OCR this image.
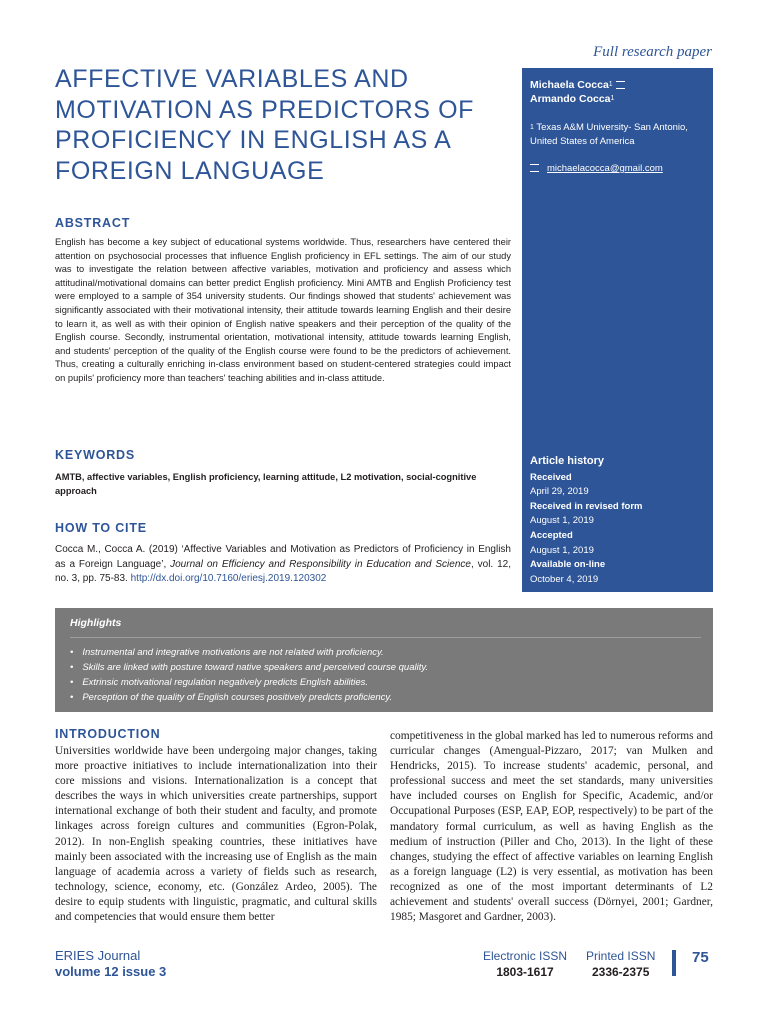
Full research paper
AFFECTIVE VARIABLES AND MOTIVATION AS PREDICTORS OF PROFICIENCY IN ENGLISH AS A FOREIGN LANGUAGE
Michaela Cocca$^1$
Armando Cocca$^1$
$^1$ Texas A&M University- San Antonio, United States of America
michaelacocca@gmail.com
Article history
Received
April 29, 2019
Received in revised form
August 1, 2019
Accepted
August 1, 2019
Available on-line
October 4, 2019
ABSTRACT
English has become a key subject of educational systems worldwide. Thus, researchers have centered their attention on psychosocial processes that influence English proficiency in EFL settings. The aim of our study was to investigate the relation between affective variables, motivation and proficiency and assess which attitudinal/motivational domains can better predict English proficiency. Mini AMTB and English Proficiency test were employed to a sample of 354 university students. Our findings showed that students' achievement was significantly associated with their motivational intensity, their attitude towards learning English and their desire to learn it, as well as with their opinion of English native speakers and their perception of the quality of the English course. Secondly, instrumental orientation, motivational intensity, attitude towards learning English, and students' perception of the quality of the English course were found to be the predictors of achievement. Thus, creating a culturally enriching in-class environment based on student-centered strategies could impact on pupils' proficiency more than teachers' teaching abilities and in-class attitude.
KEYWORDS
AMTB, affective variables, English proficiency, learning attitude, L2 motivation, social-cognitive approach
HOW TO CITE
Cocca M., Cocca A. (2019) ‘Affective Variables and Motivation as Predictors of Proficiency in English as a Foreign Language’, Journal on Efficiency and Responsibility in Education and Science, vol. 12, no. 3, pp. 75-83. http://dx.doi.org/10.7160/eriesj.2019.120302
Highlights
• Instrumental and integrative motivations are not related with proficiency.
• Skills are linked with posture toward native speakers and perceived course quality.
• Extrinsic motivational regulation negatively predicts English abilities.
• Perception of the quality of English courses positively predicts proficiency.
INTRODUCTION
Universities worldwide have been undergoing major changes, taking more proactive initiatives to include internationalization into their core missions and visions. Internationalization is a concept that describes the ways in which universities create partnerships, support international exchange of both their student and faculty, and promote linkages across foreign cultures and communities (Egron-Polak, 2012). In non-English speaking countries, these initiatives have mainly been associated with the increasing use of English as the main language of academia across a variety of fields such as research, technology, science, economy, etc. (González Ardeo, 2005). The desire to equip students with linguistic, pragmatic, and cultural skills and competencies that would ensure them better
competitiveness in the global marked has led to numerous reforms and curricular changes (Amengual-Pizzaro, 2017; van Mulken and Hendricks, 2015). To increase students' academic, personal, and professional success and meet the set standards, many universities have included courses on English for Specific, Academic, and/or Occupational Purposes (ESP, EAP, EOP, respectively) to be part of the mandatory formal curriculum, as well as having English as the medium of instruction (Piller and Cho, 2013). In the light of these changes, studying the effect of affective variables on learning English as a foreign language (L2) is very essential, as motivation has been recognized as one of the most important determinants of L2 achievement and students' overall success (Dörnyei, 2001; Gardner, 1985; Masgoret and Gardner, 2003).
ERIES Journal
volume 12 issue 3
Electronic ISSN
1803-1617
Printed ISSN
2336-2375
75
